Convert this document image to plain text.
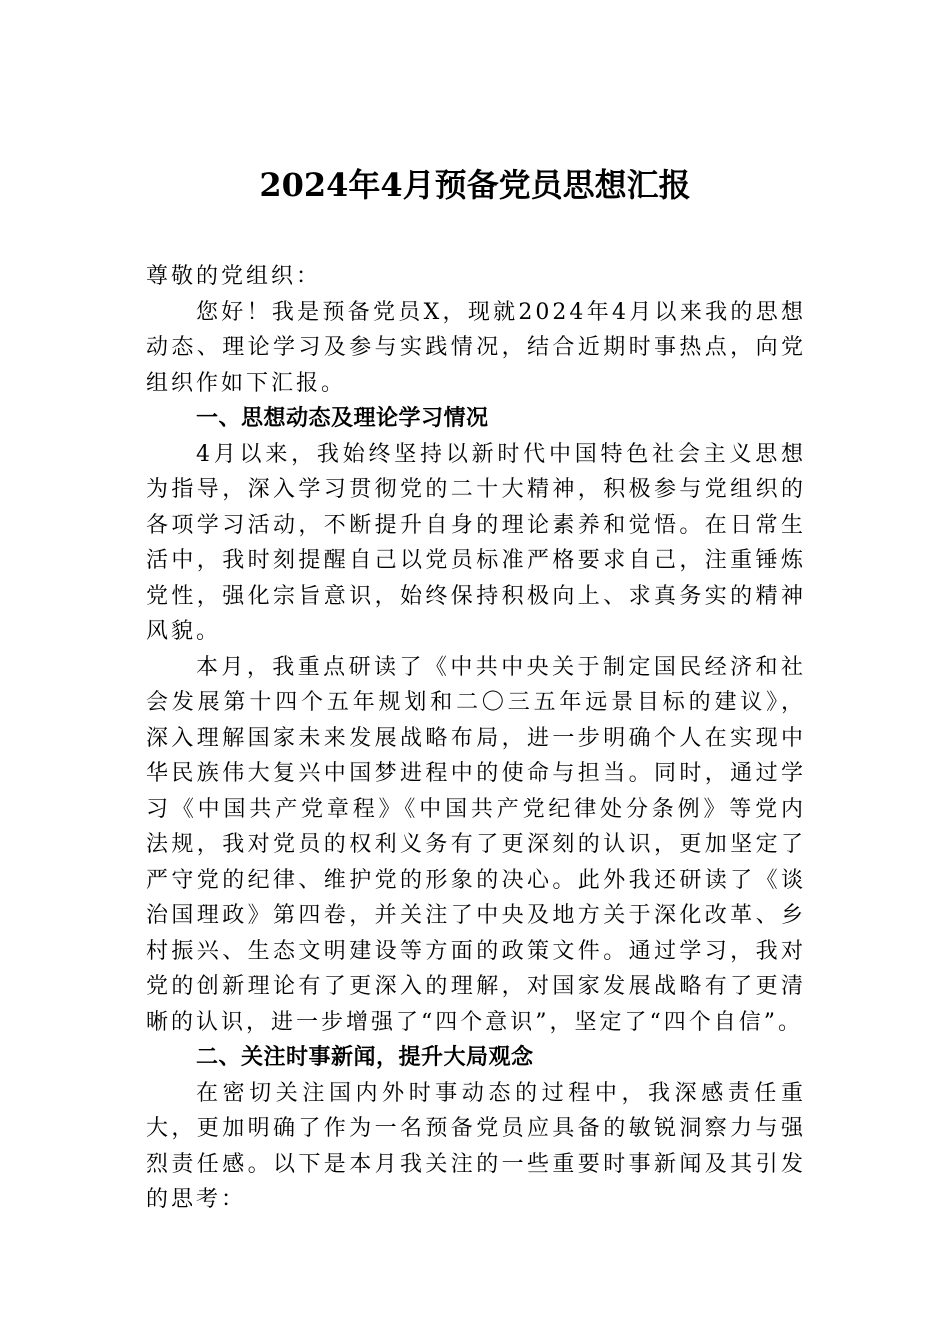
2024年4月预备党员思想汇报

尊敬的党组织：

您好！我是预备党员X，现就2024年4月以来我的思想动态、理论学习及参与实践情况，结合近期时事热点，向党组织作如下汇报。

一、思想动态及理论学习情况

4月以来，我始终坚持以新时代中国特色社会主义思想为指导，深入学习贯彻党的二十大精神，积极参与党组织的各项学习活动，不断提升自身的理论素养和觉悟。在日常生活中，我时刻提醒自己以党员标准严格要求自己，注重锤炼党性，强化宗旨意识，始终保持积极向上、求真务实的精神风貌。

本月，我重点研读了《中共中央关于制定国民经济和社会发展第十四个五年规划和二〇三五年远景目标的建议》，深入理解国家未来发展战略布局，进一步明确个人在实现中华民族伟大复兴中国梦进程中的使命与担当。同时，通过学习《中国共产党章程》《中国共产党纪律处分条例》等党内法规，我对党员的权利义务有了更深刻的认识，更加坚定了严守党的纪律、维护党的形象的决心。此外我还研读了《谈治国理政》第四卷，并关注了中央及地方关于深化改革、乡村振兴、生态文明建设等方面的政策文件。通过学习，我对党的创新理论有了更深入的理解，对国家发展战略有了更清晰的认识，进一步增强了“四个意识”，坚定了“四个自信”。

二、关注时事新闻，提升大局观念

在密切关注国内外时事动态的过程中，我深感责任重大，更加明确了作为一名预备党员应具备的敏锐洞察力与强烈责任感。以下是本月我关注的一些重要时事新闻及其引发的思考：
